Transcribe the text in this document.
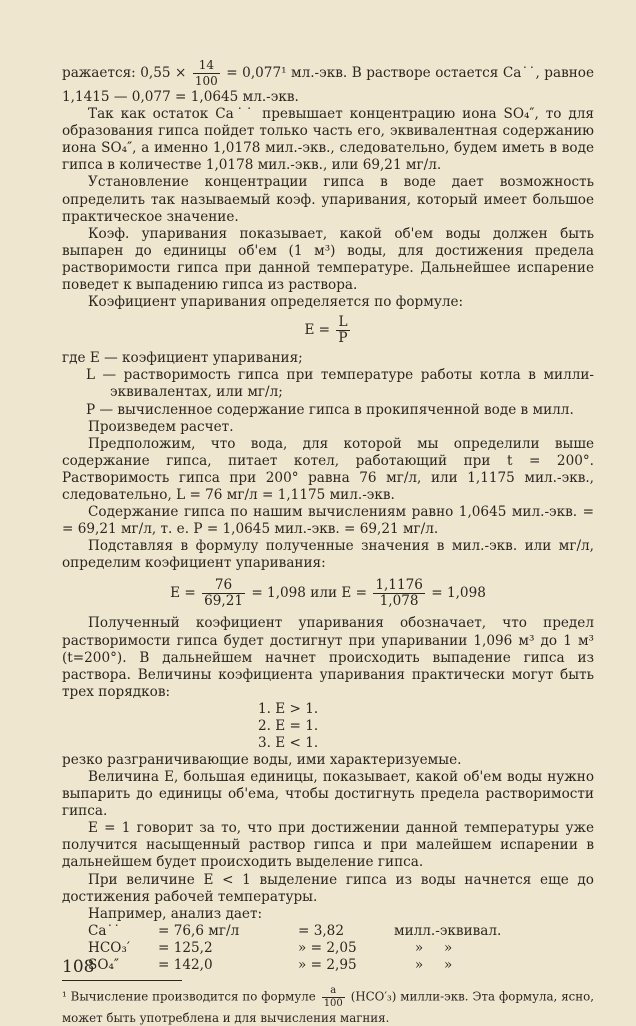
ражается: $0,55 \times \frac{14}{100} = 0,077^1$ мл.-экв. В растворе остается Ca˙˙, равное 1,1415 — 0,077 = 1,0645 мл.-экв.

Так как остаток Ca˙˙ превышает концентрацию иона SO₄″, то для образования гипса пойдет только часть его, эквивалентная содержанию иона SO₄″, а именно 1,0178 мил.-экв., следовательно, будем иметь в воде гипса в количестве 1,0178 мил.-экв., или 69,21 мг/л.

Установление концентрации гипса в воде дает возможность определить так называемый коэф. упаривания, который имеет большое практическое значение.

Коэф. упаривания показывает, какой об'ем воды должен быть выпарен до единицы об'ем (1 м³) воды, для достижения предела растворимости гипса при данной температуре. Дальнейшее испарение поведет к выпадению гипса из раствора.

Коэфициент упаривания определяется по формуле:

$E = \frac{L}{P}$

где E — коэфициент упаривания;

L — растворимость гипса при температуре работы котла в милли-эквивалентах, или мг/л;

P — вычисленное содержание гипса в прокипяченной воде в милл.

Произведем расчет.

Предположим, что вода, для которой мы определили выше содержание гипса, питает котел, работающий при t = 200°. Растворимость гипса при 200° равна 76 мг/л, или 1,1175 мил.-экв., следовательно, L = 76 мг/л = 1,1175 мил.-экв.

Содержание гипса по нашим вычислениям равно 1,0645 мил.-экв. = = 69,21 мг/л, т. е. P = 1,0645 мил.-экв. = 69,21 мг/л.

Подставляя в формулу полученные значения в мил.-экв. или мг/л, определим коэфициент упаривания:

$E = \frac{76}{69,21} = 1,098$ или $E = \frac{1,1176}{1,078} = 1,098$

Полученный коэфициент упаривания обозначает, что предел растворимости гипса будет достигнут при упаривании 1,096 м³ до 1 м³ (t=200°). В дальнейшем начнет происходить выпадение гипса из раствора. Величины коэфициента упаривания практически могут быть трех порядков:

1. E > 1.
2. E = 1.
3. E < 1.

резко разграничивающие воды, ими характеризуемые.

Величина E, большая единицы, показывает, какой об'ем воды нужно выпарить до единицы об'ема, чтобы достигнуть предела растворимости гипса.

E = 1 говорит за то, что при достижении данной температуры уже получится насыщенный раствор гипса и при малейшем испарении в дальнейшем будет происходить выделение гипса.

При величине E < 1 выделение гипса из воды начнется еще до достижения рабочей температуры.

Например, анализ дает:

Ca˙˙	= 76,6 мг/л	= 3,82	милл.-эквивал.
HCO₃′	= 125,2	» = 2,05	»	»
SO₄″	= 142,0	» = 2,95	»	»

¹ Вычисление производится по формуле $\frac{a}{100} (HCO'_3)$ милли-экв. Эта формула, ясно, может быть употреблена и для вычисления магния.

108
